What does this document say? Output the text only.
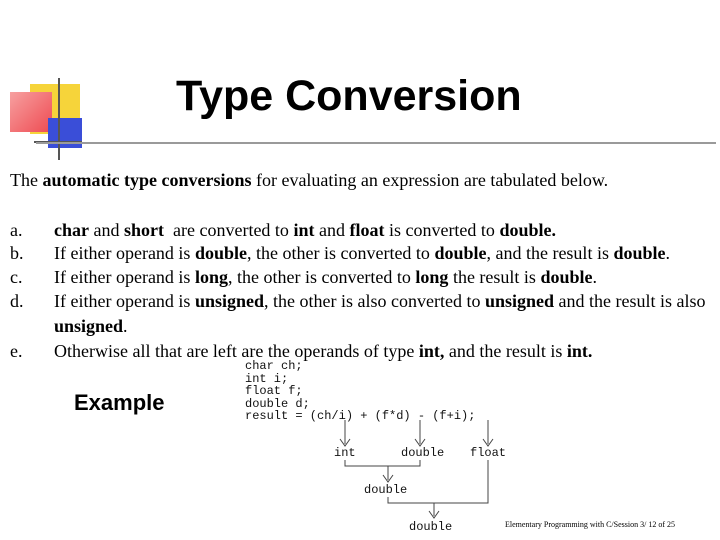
Type Conversion
The automatic type conversions for evaluating an expression are tabulated below.
a. char and short  are converted to int and float is converted to double.
b. If either operand is double, the other is converted to double, and the result is double.
c. If either operand is long, the other is converted to long the result is double.
d. If either operand is unsigned, the other is also converted to unsigned and the result is also
unsigned.
e. Otherwise all that are left are the operands of type int, and the result is int.
Example
char ch;
int i;
float f;
double d;
result = (ch/i) + (f*d) - (f+i);
int	double float
double
double	Elementary Programming with C/Session 3/ 12 of 25
